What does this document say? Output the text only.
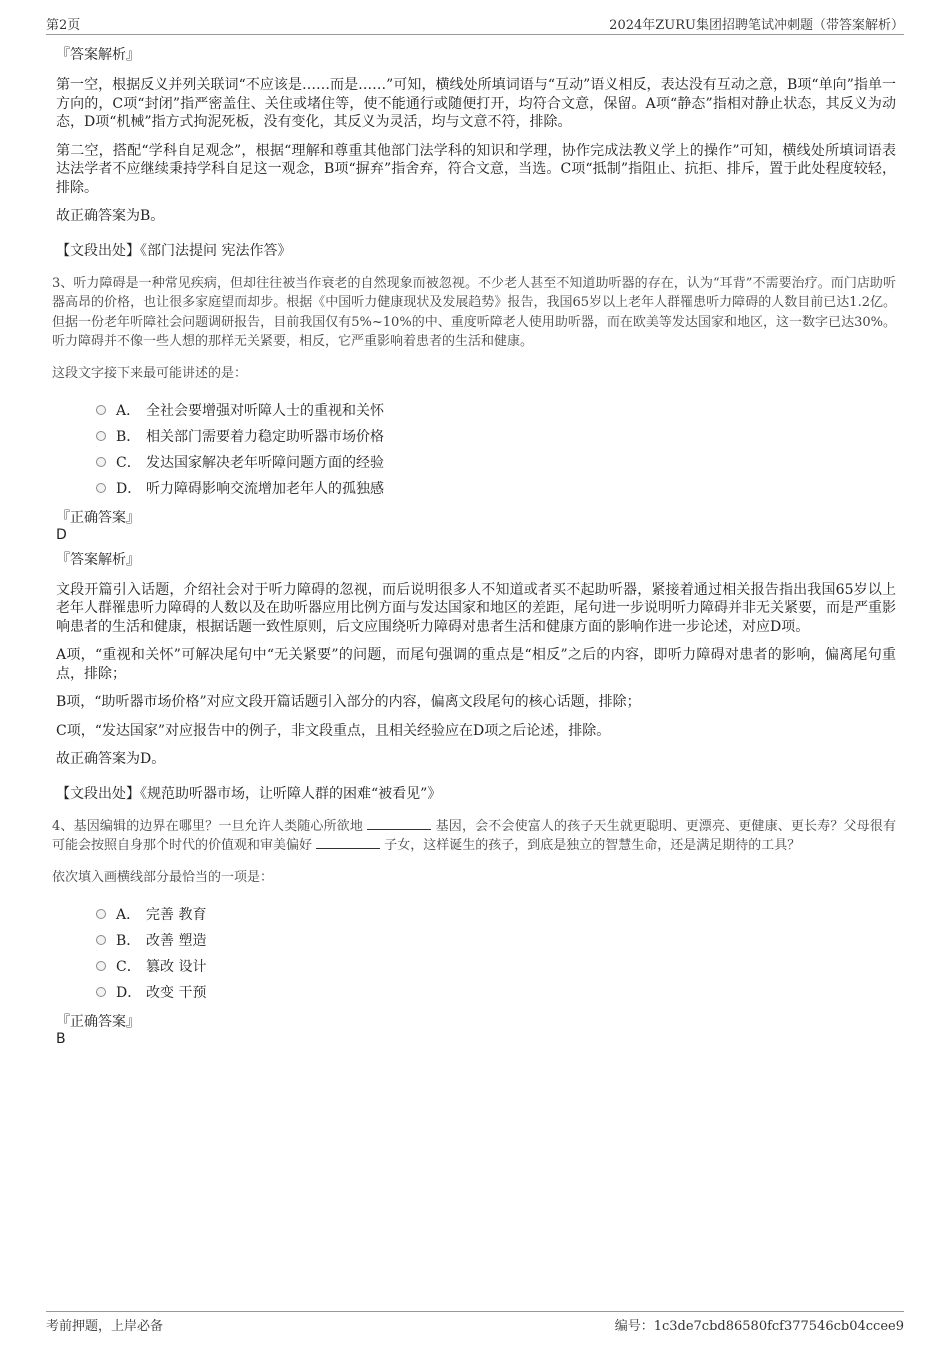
第2页	2024年ZURU集团招聘笔试冲刺题（带答案解析）
『答案解析』

第一空，根据反义并列关联词“不应该是……而是……”可知，横线处所填词语与“互动”语义相反，表达没有互动之意，B项“单向”指单一方向的，C项“封闭”指严密盖住、关住或堵住等，使不能通行或随便打开，均符合文意，保留。A项“静态”指相对静止状态，其反义为动态，D项“机械”指方式拘泥死板，没有变化，其反义为灵活，均与文意不符，排除。

第二空，搭配“学科自足观念”，根据“理解和尊重其他部门法学科的知识和学理，协作完成法教义学上的操作”可知，横线处所填词语表达法学者不应继续秉持学科自足这一观念，B项“摒弃”指舍弃，符合文意，当选。C项“抵制”指阻止、抗拒、排斥，置于此处程度较轻，排除。

故正确答案为B。

【文段出处】《部门法提问 宪法作答》

3、听力障碍是一种常见疾病，但却往往被当作衰老的自然现象而被忽视。不少老人甚至不知道助听器的存在，认为“耳背”不需要治疗。而门店助听器高昂的价格，也让很多家庭望而却步。根据《中国听力健康现状及发展趋势》报告，我国65岁以上老年人群罹患听力障碍的人数目前已达1.2亿。但据一份老年听障社会问题调研报告，目前我国仅有5%~10%的中、重度听障老人使用助听器，而在欧美等发达国家和地区，这一数字已达30%。听力障碍并不像一些人想的那样无关紧要，相反，它严重影响着患者的生活和健康。

这段文字接下来最可能讲述的是：
A． 全社会要增强对听障人士的重视和关怀
B． 相关部门需要着力稳定助听器市场价格
C． 发达国家解决老年听障问题方面的经验
D． 听力障碍影响交流增加老年人的孤独感
『正确答案』
D
『答案解析』

文段开篇引入话题，介绍社会对于听力障碍的忽视，而后说明很多人不知道或者买不起助听器，紧接着通过相关报告指出我国65岁以上老年人群罹患听力障碍的人数以及在助听器应用比例方面与发达国家和地区的差距，尾句进一步说明听力障碍并非无关紧要，而是严重影响患者的生活和健康，根据话题一致性原则，后文应围绕听力障碍对患者生活和健康方面的影响作进一步论述，对应D项。

A项，“重视和关怀”可解决尾句中“无关紧要”的问题，而尾句强调的重点是“相反”之后的内容，即听力障碍对患者的影响，偏离尾句重点，排除；

B项，“助听器市场价格”对应文段开篇话题引入部分的内容，偏离文段尾句的核心话题，排除；

C项，“发达国家”对应报告中的例子，非文段重点，且相关经验应在D项之后论述，排除。

故正确答案为D。

【文段出处】《规范助听器市场，让听障人群的困难“被看见”》

4、基因编辑的边界在哪里？一旦允许人类随心所欲地	基因，会不会使富人的孩子天生就更聪明、更漂亮、更健康、更长寿？父母很有可能会按照自身那个时代的价值观和审美偏好	子女，这样诞生的孩子，到底是独立的智慧生命，还是满足期待的工具？

依次填入画横线部分最恰当的一项是：
A． 完善 教育
B． 改善 塑造
C． 篡改 设计
D． 改变 干预
『正确答案』
B
考前押题，上岸必备	编号：1c3de7cbd86580fcf377546cb04ccee9
